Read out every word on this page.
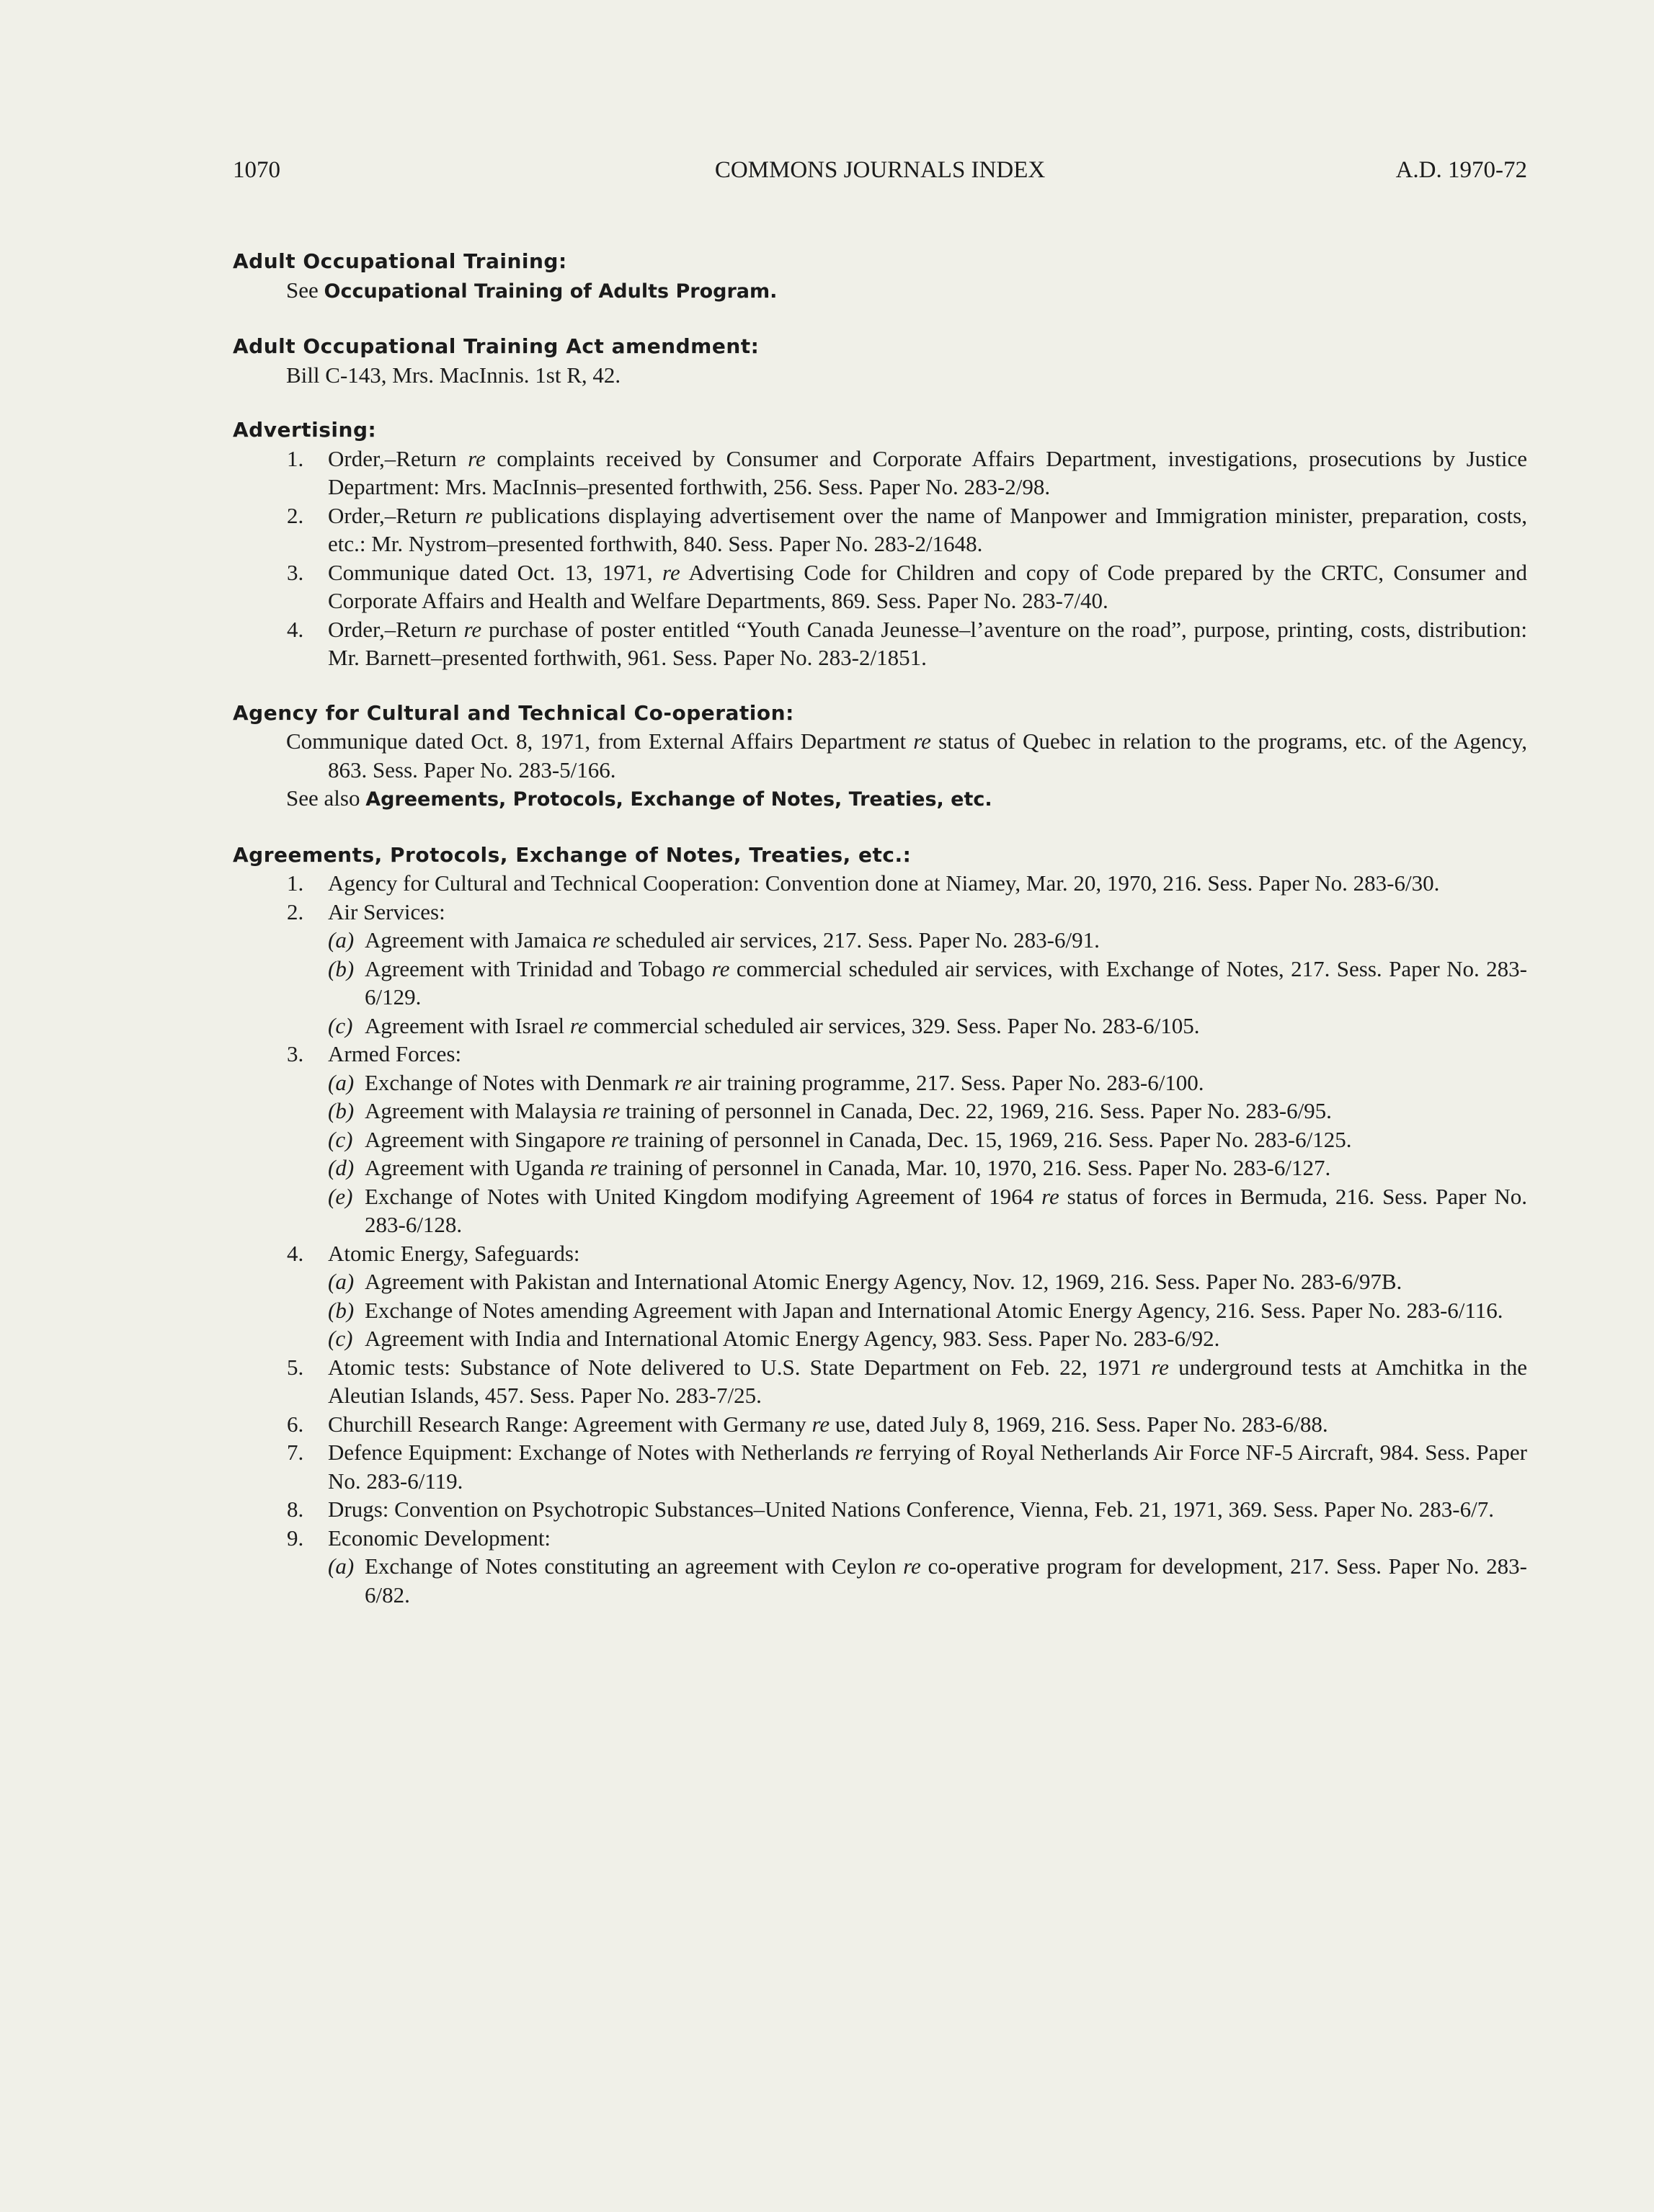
COMMONS JOURNALS INDEX
1070	A.D. 1970-72
Adult Occupational Training:
See Occupational Training of Adults Program.
Adult Occupational Training Act amendment:
Bill C-143, Mrs. MacInnis. 1st R, 42.
Advertising:
1. Order,–Return re complaints received by Consumer and Corporate Affairs Department, investigations, prosecutions by Justice Department: Mrs. MacInnis–presented forthwith, 256. Sess. Paper No. 283-2/98.
2. Order,–Return re publications displaying advertisement over the name of Manpower and Immigration minister, preparation, costs, etc.: Mr. Nystrom–presented forthwith, 840. Sess. Paper No. 283-2/1648.
3. Communique dated Oct. 13, 1971, re Advertising Code for Children and copy of Code prepared by the CRTC, Consumer and Corporate Affairs and Health and Welfare Departments, 869. Sess. Paper No. 283-7/40.
4. Order,–Return re purchase of poster entitled “Youth Canada Jeunesse–l’aventure on the road”, purpose, printing, costs, distribution: Mr. Barnett–presented forthwith, 961. Sess. Paper No. 283-2/1851.
Agency for Cultural and Technical Co-operation:
Communique dated Oct. 8, 1971, from External Affairs Department re status of Quebec in relation to the programs, etc. of the Agency, 863. Sess. Paper No. 283-5/166.
See also Agreements, Protocols, Exchange of Notes, Treaties, etc.
Agreements, Protocols, Exchange of Notes, Treaties, etc.:
1. Agency for Cultural and Technical Cooperation: Convention done at Niamey, Mar. 20, 1970, 216. Sess. Paper No. 283-6/30.
2. Air Services:
(a) Agreement with Jamaica re scheduled air services, 217. Sess. Paper No. 283-6/91.
(b) Agreement with Trinidad and Tobago re commercial scheduled air services, with Exchange of Notes, 217. Sess. Paper No. 283-6/129.
(c) Agreement with Israel re commercial scheduled air services, 329. Sess. Paper No. 283-6/105.
3. Armed Forces:
(a) Exchange of Notes with Denmark re air training programme, 217. Sess. Paper No. 283-6/100.
(b) Agreement with Malaysia re training of personnel in Canada, Dec. 22, 1969, 216. Sess. Paper No. 283-6/95.
(c) Agreement with Singapore re training of personnel in Canada, Dec. 15, 1969, 216. Sess. Paper No. 283-6/125.
(d) Agreement with Uganda re training of personnel in Canada, Mar. 10, 1970, 216. Sess. Paper No. 283-6/127.
(e) Exchange of Notes with United Kingdom modifying Agreement of 1964 re status of forces in Bermuda, 216. Sess. Paper No. 283-6/128.
4. Atomic Energy, Safeguards:
(a) Agreement with Pakistan and International Atomic Energy Agency, Nov. 12, 1969, 216. Sess. Paper No. 283-6/97B.
(b) Exchange of Notes amending Agreement with Japan and International Atomic Energy Agency, 216. Sess. Paper No. 283-6/116.
(c) Agreement with India and International Atomic Energy Agency, 983. Sess. Paper No. 283-6/92.
5. Atomic tests: Substance of Note delivered to U.S. State Department on Feb. 22, 1971 re underground tests at Amchitka in the Aleutian Islands, 457. Sess. Paper No. 283-7/25.
6. Churchill Research Range: Agreement with Germany re use, dated July 8, 1969, 216. Sess. Paper No. 283-6/88.
7. Defence Equipment: Exchange of Notes with Netherlands re ferrying of Royal Netherlands Air Force NF-5 Aircraft, 984. Sess. Paper No. 283-6/119.
8. Drugs: Convention on Psychotropic Substances–United Nations Conference, Vienna, Feb. 21, 1971, 369. Sess. Paper No. 283-6/7.
9. Economic Development:
(a) Exchange of Notes constituting an agreement with Ceylon re co-operative program for development, 217. Sess. Paper No. 283-6/82.
